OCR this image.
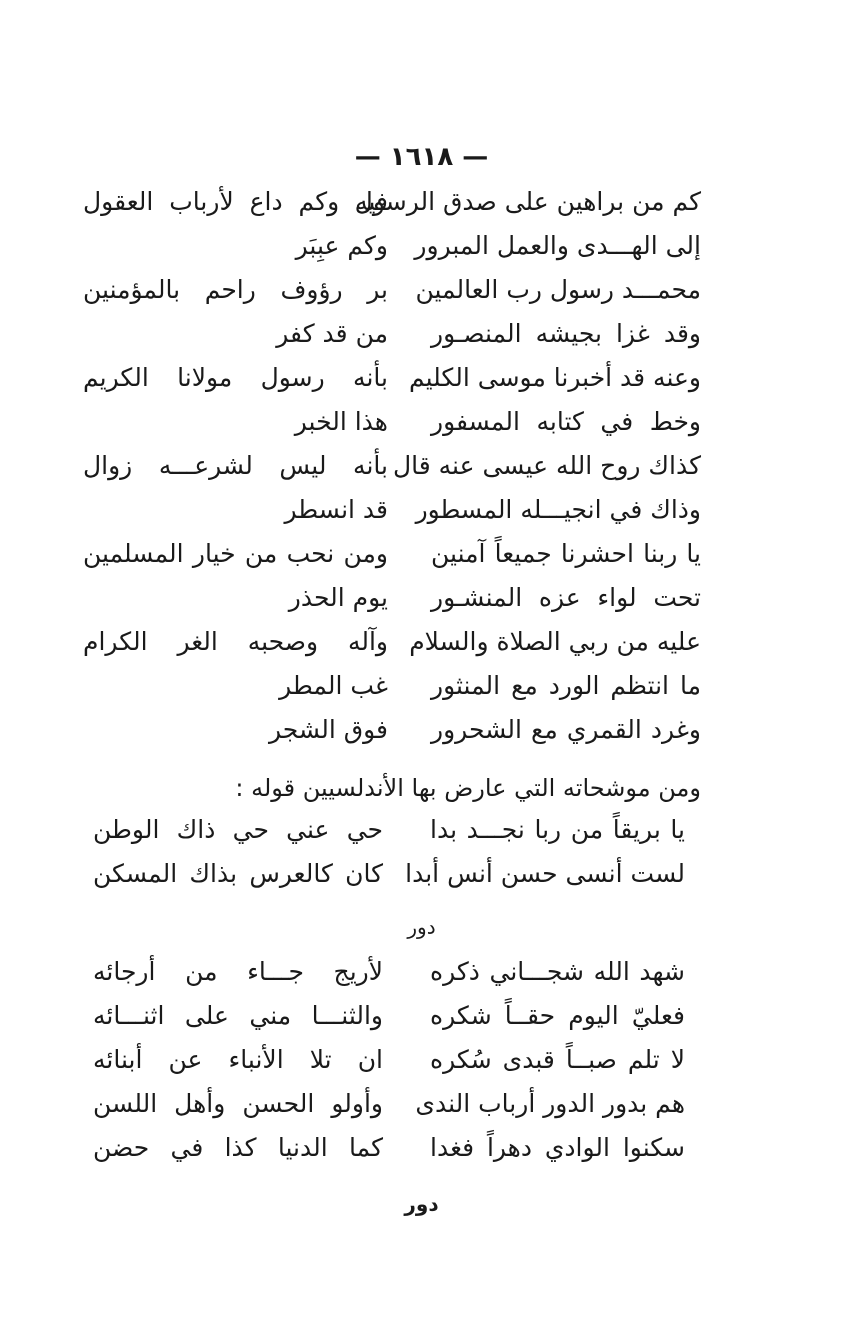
— ١٦١٨ —
كم من براهين على صدق الرسول
فيه وكم داع لأرباب العقول
إلى الهـــدى والعمل المبرور
وكم عبِبَر
محمـــد رسول رب العالمين
بر رؤوف راحم بالمؤمنين
وقد غزا بجيشه المنصـور
من قد كفر
وعنه قد أخبرنا موسى الكليم
بأنه رسول مولانا الكريم
وخط في كتابه المسفور
هذا الخبر
كذاك روح الله عيسى عنه قال
بأنه ليس لشرعـــه زوال
وذاك في انجيـــله المسطور
قد انسطر
يا ربنا احشرنا جميعاً آمنين
ومن نحب من خيار المسلمين
تحت لواء عزه المنشـور
يوم الحذر
عليه من ربي الصلاة والسلام
وآله وصحبه الغر الكرام
ما انتظم الورد مع المنثور
غب المطر
وغرد القمري مع الشحرور
فوق الشجر
ومن موشحاته التي عارض بها الأندلسيين قوله :
يا بريقاً من ربا نجـــد بدا
حي عني حي ذاك الوطن
لست أنسى حسن أنس أبدا
كان كالعرس بذاك المسكن
دور
شهد الله شجـــاني ذكره
لأريج جـــاء من أرجائه
فعليّ اليوم حقــاً شكره
والثنـــا مني على اثنـــائه
لا تلم صبــاً قبدى سُكره
ان تلا الأنباء عن أبنائه
هم بدور الدور أرباب الندى
وأولو الحسن وأهل اللسن
سكنوا الوادي دهراً فغدا
كما الدنيا كذا في حضن
دور
